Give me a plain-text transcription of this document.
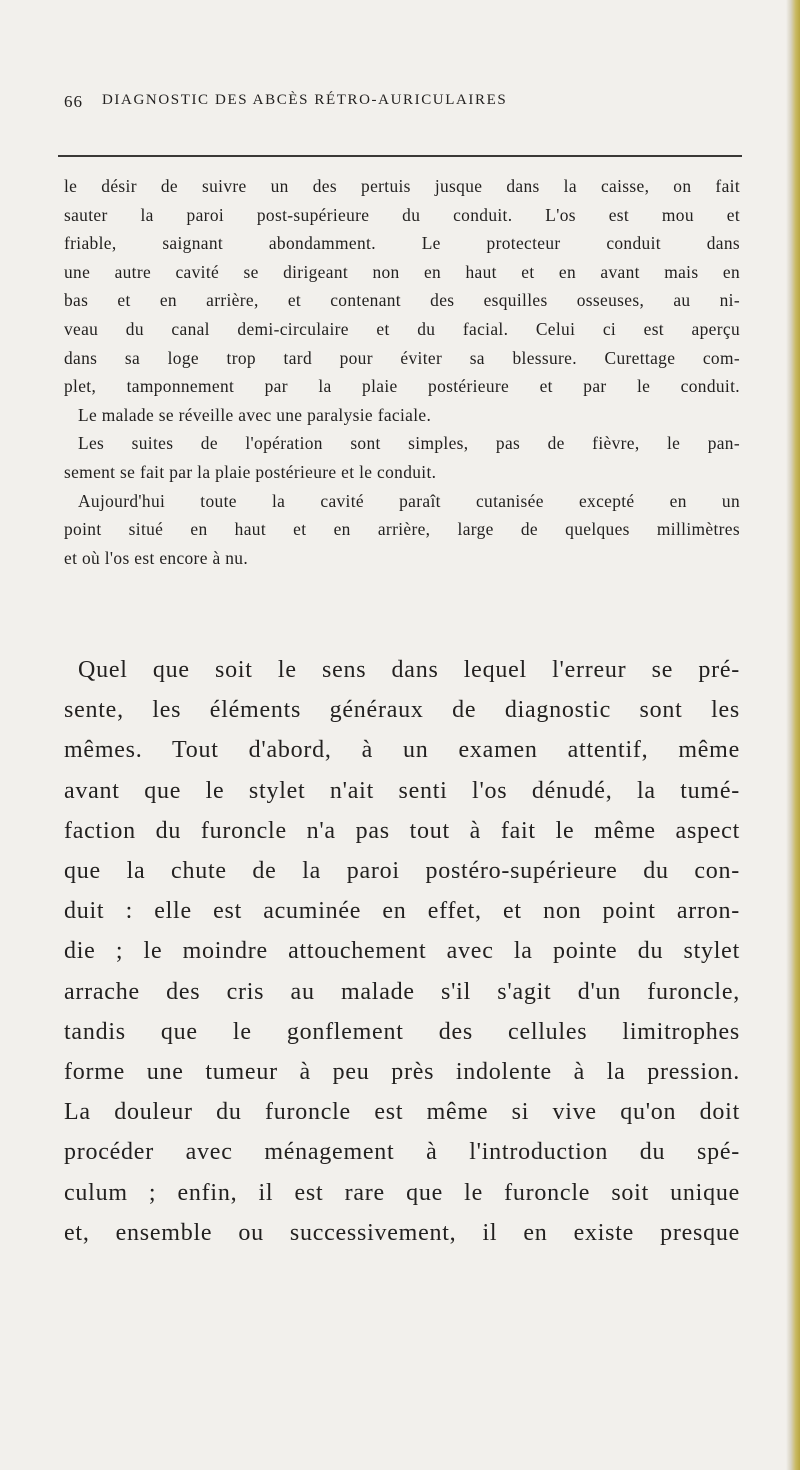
66 DIAGNOSTIC DES ABCÈS RÉTRO-AURICULAIRES
le désir de suivre un des pertuis jusque dans la caisse, on fait
sauter la paroi post-supérieure du conduit. L'os est mou et
friable, saignant abondamment. Le protecteur conduit dans
une autre cavité se dirigeant non en haut et en avant mais en
bas et en arrière, et contenant des esquilles osseuses, au ni-
veau du canal demi-circulaire et du facial. Celui ci est aperçu
dans sa loge trop tard pour éviter sa blessure. Curettage com-
plet, tamponnement par la plaie postérieure et par le conduit.
Le malade se réveille avec une paralysie faciale.
Les suites de l'opération sont simples, pas de fièvre, le pan-
sement se fait par la plaie postérieure et le conduit.
Aujourd'hui toute la cavité paraît cutanisée excepté en un
point situé en haut et en arrière, large de quelques millimètres
et où l'os est encore à nu.
Quel que soit le sens dans lequel l'erreur se pré-
sente, les éléments généraux de diagnostic sont les
mêmes. Tout d'abord, à un examen attentif, même
avant que le stylet n'ait senti l'os dénudé, la tumé-
faction du furoncle n'a pas tout à fait le même aspect
que la chute de la paroi postéro-supérieure du con-
duit : elle est acuminée en effet, et non point arron-
die ; le moindre attouchement avec la pointe du stylet
arrache des cris au malade s'il s'agit d'un furoncle,
tandis que le gonflement des cellules limitrophes
forme une tumeur à peu près indolente à la pression.
La douleur du furoncle est même si vive qu'on doit
procéder avec ménagement à l'introduction du spé-
culum ; enfin, il est rare que le furoncle soit unique
et, ensemble ou successivement, il en existe presque
